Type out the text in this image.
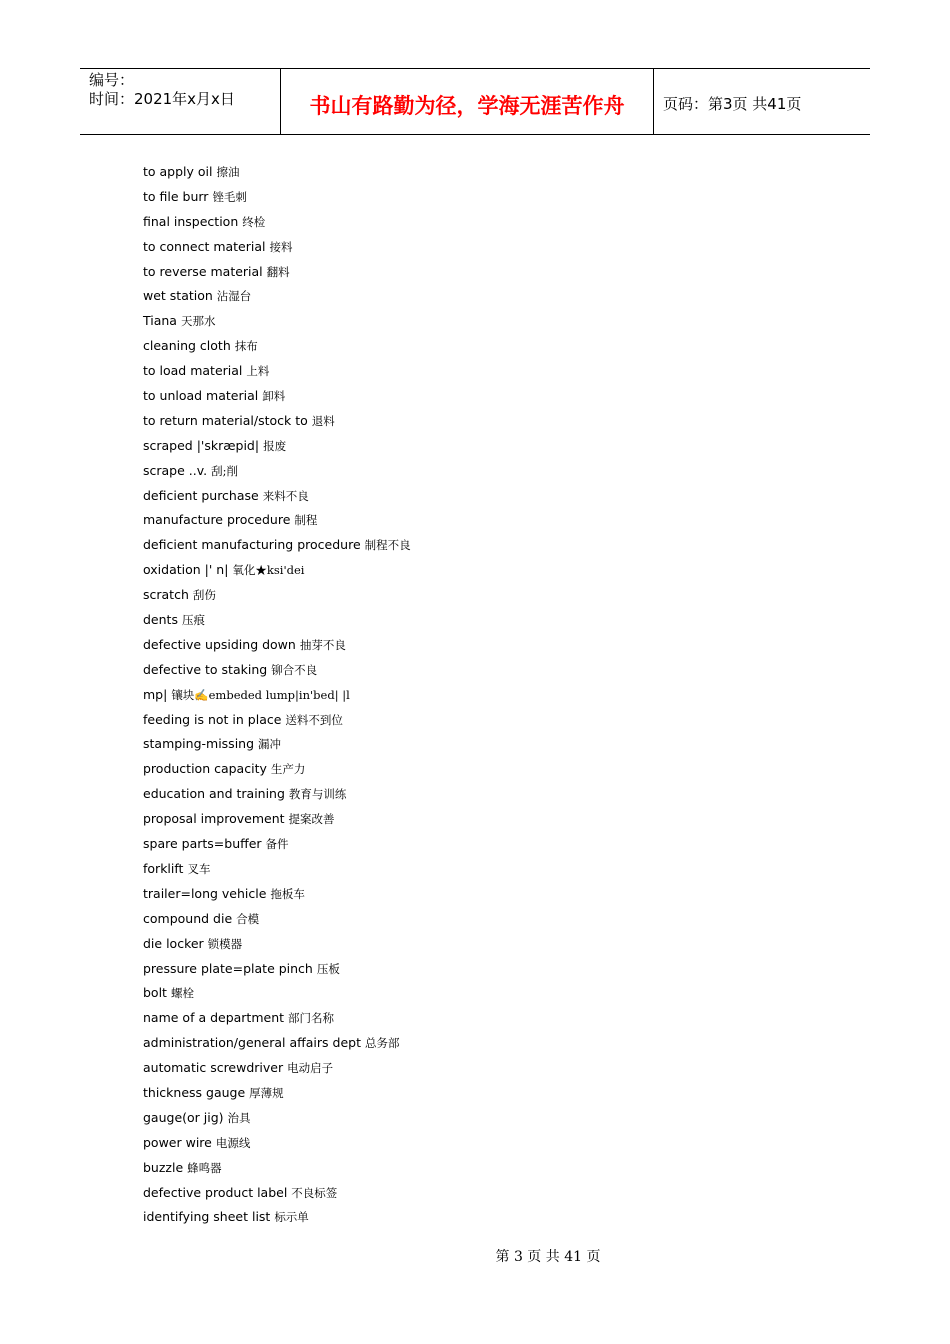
编号：
时间：2021年x月x日	书山有路勤为径，学海无涯苦作舟	页码：第3页 共41页
to apply oil 擦油
to file burr 锉毛刺
final inspection 终检
to connect material 接料
to reverse material 翻料
wet station 沾湿台
Tiana 天那水
cleaning cloth 抹布
to load material 上料
to unload material 卸料
to return material/stock to 退料
scraped |'skræpid| 报废
scrape ..v. 刮;削
deficient purchase 来料不良
manufacture procedure 制程
deficient manufacturing procedure 制程不良
oxidation |' n| 氧化★ksi'dei
scratch 刮伤
dents 压痕
defective upsiding down 抽芽不良
defective to staking 铆合不良
mp| 镶块✍embeded lump|in'bed| |l
feeding is not in place 送料不到位
stamping-missing 漏冲
production capacity 生产力
education and training 教育与训练
proposal improvement 提案改善
spare parts=buffer 备件
forklift 叉车
trailer=long vehicle 拖板车
compound die 合模
die locker 锁模器
pressure plate=plate pinch 压板
bolt 螺栓
name of a department 部门名称
administration/general affairs dept 总务部
automatic screwdriver 电动启子
thickness gauge 厚薄规
gauge(or jig) 治具
power wire 电源线
buzzle 蜂鸣器
defective product label 不良标签
identifying sheet list 标示单
第 3 页 共 41 页
